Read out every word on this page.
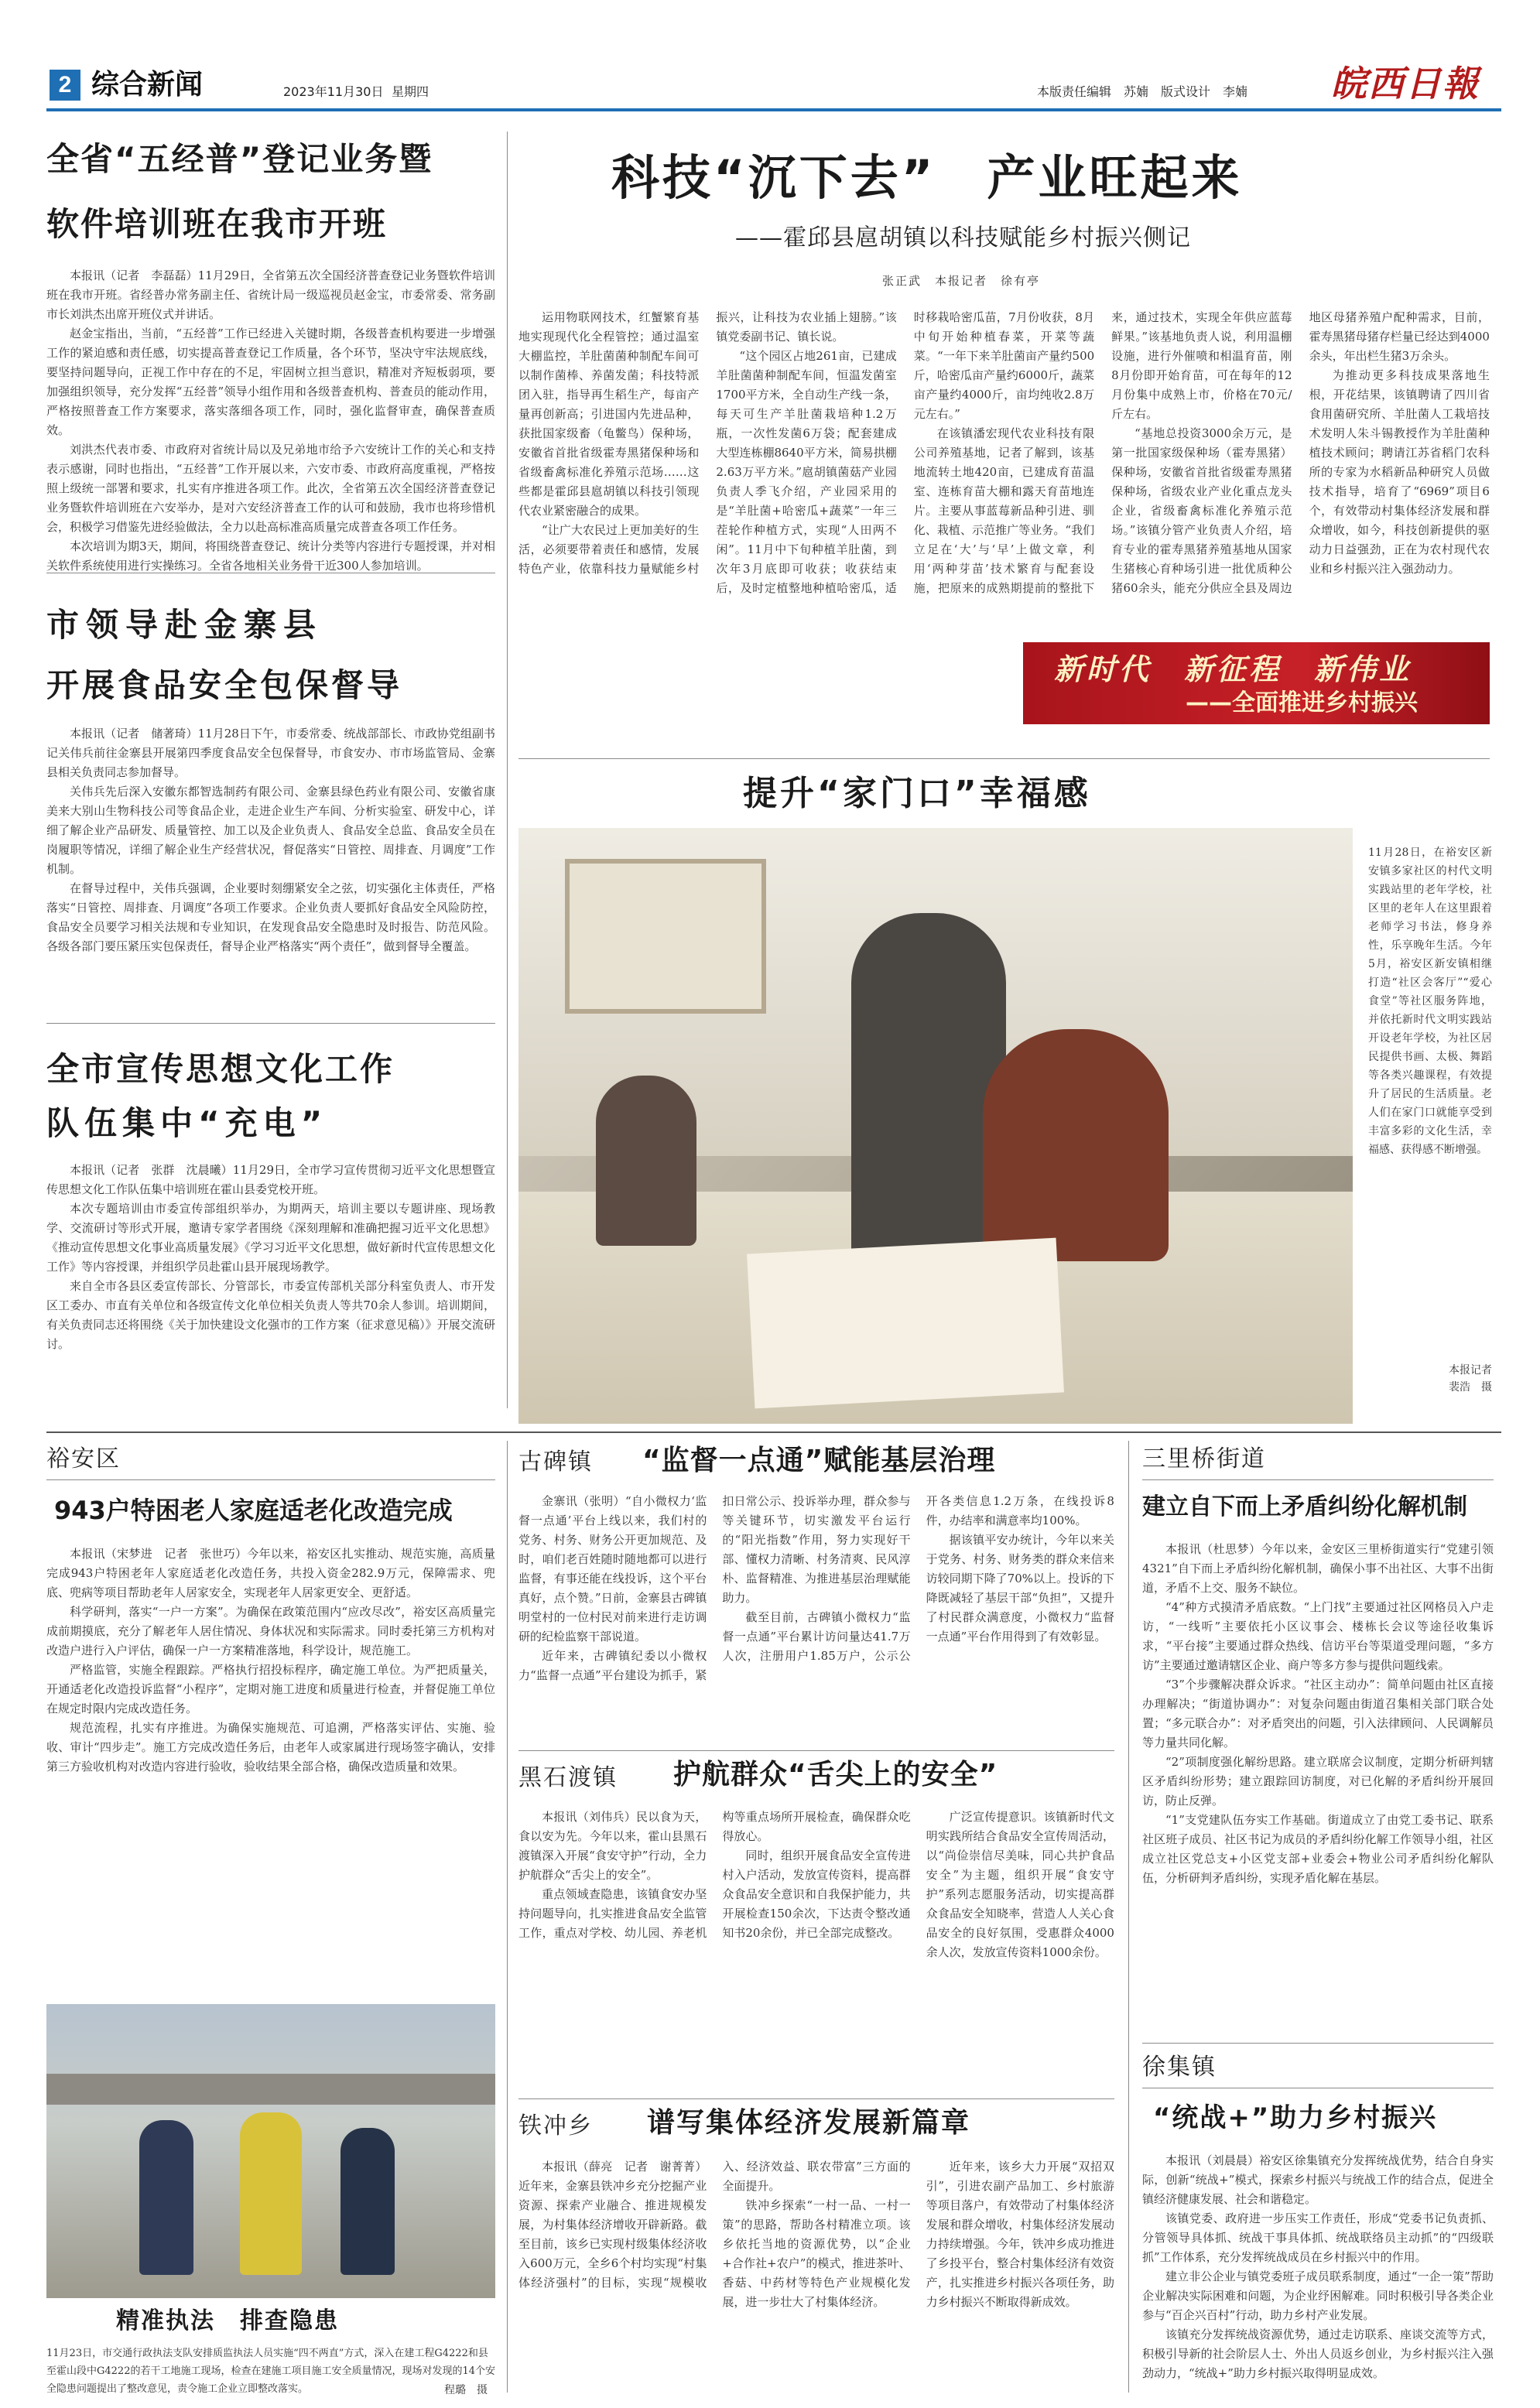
2 综合新闻	2023年11月30日 星期四	本版责任编辑　苏婻　版式设计　李婻 皖西日報
全省“五经普”登记业务暨
软件培训班在我市开班

本报讯（记者　李磊磊）11月29日，全省第五次全国经济普查登记业务暨软件培训班在我市开班。省经普办常务副主任、省统计局一级巡视员赵金宝，市委常委、常务副市长刘洪杰出席开班仪式并讲话。

赵金宝指出，当前，“五经普”工作已经进入关键时期，各级普查机构要进一步增强工作的紧迫感和责任感，切实提高普查登记工作质量，各个环节，坚决守牢法规底线，要坚持问题导向，正视工作中存在的不足，牢固树立担当意识，精准对齐短板弱项，要加强组织领导，充分发挥“五经普”领导小组作用和各级普查机构、普查员的能动作用，严格按照普查工作方案要求，落实落细各项工作，同时，强化监督审查，确保普查质效。

刘洪杰代表市委、市政府对省统计局以及兄弟地市给予六安统计工作的关心和支持表示感谢，同时也指出，“五经普”工作开展以来，六安市委、市政府高度重视，严格按照上级统一部署和要求，扎实有序推进各项工作。此次，全省第五次全国经济普查登记业务暨软件培训班在六安举办，是对六安经济普查工作的认可和鼓励，我市也将珍惜机会，积极学习借鉴先进经验做法，全力以赴高标准高质量完成普查各项工作任务。

本次培训为期3天，期间，将围绕普查登记、统计分类等内容进行专题授课，并对相关软件系统使用进行实操练习。全省各地相关业务骨干近300人参加培训。

市领导赴金寨县
开展食品安全包保督导

本报讯（记者　储著琦）11月28日下午，市委常委、统战部部长、市政协党组副书记关伟兵前往金寨县开展第四季度食品安全包保督导，市食安办、市市场监管局、金寨县相关负责同志参加督导。

关伟兵先后深入安徽东都智选制药有限公司、金寨县绿色药业有限公司、安徽省康美来大别山生物科技公司等食品企业，走进企业生产车间、分析实验室、研发中心，详细了解企业产品研发、质量管控、加工以及企业负责人、食品安全总监、食品安全员在岗履职等情况，详细了解企业生产经营状况，督促落实“日管控、周排查、月调度”工作机制。

在督导过程中，关伟兵强调，企业要时刻绷紧安全之弦，切实强化主体责任，严格落实“日管控、周排查、月调度”各项工作要求。企业负责人要抓好食品安全风险防控，食品安全员要学习相关法规和专业知识，在发现食品安全隐患时及时报告、防范风险。各级各部门要压紧压实包保责任，督导企业严格落实“两个责任”，做到督导全覆盖。

全市宣传思想文化工作
队伍集中“充电”

本报讯（记者　张群　沈晨曦）11月29日，全市学习宣传贯彻习近平文化思想暨宣传思想文化工作队伍集中培训班在霍山县委党校开班。

本次专题培训由市委宣传部组织举办，为期两天，培训主要以专题讲座、现场教学、交流研讨等形式开展，邀请专家学者围绕《深刻理解和准确把握习近平文化思想》《推动宣传思想文化事业高质量发展》《学习习近平文化思想，做好新时代宣传思想文化工作》等内容授课，并组织学员赴霍山县开展现场教学。

来自全市各县区委宣传部长、分管部长，市委宣传部机关部分科室负责人、市开发区工委办、市直有关单位和各级宣传文化单位相关负责人等共70余人参训。培训期间，有关负责同志还将围绕《关于加快建设文化强市的工作方案（征求意见稿）》开展交流研讨。

科技“沉下去”　产业旺起来
——霍邱县扈胡镇以科技赋能乡村振兴侧记
张正武　本报记者　徐有亭

运用物联网技术，红蟹繁育基地实现现代化全程管控；通过温室大棚监控，羊肚菌菌种制配车间可以制作菌棒、养菌发菌；科技特派团入驻，指导再生稻生产，每亩产量再创新高；引进国内先进品种，获批国家级畜（龟鳖鸟）保种场，安徽省首批省级霍寿黑猪保种场和省级畜禽标准化养殖示范场……这些都是霍邱县扈胡镇以科技引领现代农业紧密融合的成果。

“让广大农民过上更加美好的生活，必须要带着责任和感情，发展特色产业，依靠科技力量赋能乡村振兴，让科技为农业插上翅膀。”该镇党委副书记、镇长说。

“这个园区占地261亩，已建成羊肚菌菌种制配车间，恒温发菌室1700平方米，全自动生产线一条，每天可生产羊肚菌栽培种1.2万瓶，一次性发菌6万袋；配套建成大型连栋棚8640平方米，简易拱棚2.63万平方米。”扈胡镇菌菇产业园负责人季飞介绍，产业园采用的是“羊肚菌+哈密瓜+蔬菜”一年三茬轮作种植方式，实现“人田两不闲”。11月中下旬种植羊肚菌，到次年3月底即可收获；收获结束后，及时定植整地种植哈密瓜，适时移栽哈密瓜苗，7月份收获，8月中旬开始种植春菜，开菜等蔬菜。“一年下来羊肚菌亩产量约500斤，哈密瓜亩产量约6000斤，蔬菜亩产量约4000斤，亩均纯收2.8万元左右。”

在该镇潘宏现代农业科技有限公司养殖基地，记者了解到，该基地流转土地420亩，已建成育苗温室、连栋育苗大棚和露天育苗地连片。主要从事蓝莓新品种引进、驯化、栽植、示范推广等业务。“我们立足在‘大’与‘早’上做文章，利用‘两种芽苗’技术繁育与配套设施，把原来的成熟期提前的整批下来，通过技术，实现全年供应蓝莓鲜果。”该基地负责人说，利用温棚设施，进行外催喷和相温育苗，刚8月份即开始育苗，可在每年的12月份集中成熟上市，价格在70元/斤左右。

“基地总投资3000余万元，是第一批国家级保种场（霍寿黑猪）保种场，安徽省首批省级霍寿黑猪保种场，省级农业产业化重点龙头企业，省级畜禽标准化养殖示范场。”该镇分管产业负责人介绍，培育专业的霍寿黑猪养殖基地从国家生猪核心育种场引进一批优质种公猪60余头，能充分供应全县及周边地区母猪养殖户配种需求，目前，霍寿黑猪母猪存栏量已经达到4000余头，年出栏生猪3万余头。

为推动更多科技成果落地生根，开花结果，该镇聘请了四川省食用菌研究所、羊肚菌人工栽培技术发明人朱斗锡教授作为羊肚菌种植技术顾问；聘请江苏省稻门农科所的专家为水稻新品种研究人员做技术指导，培育了“6969”项目6个，有效带动村集体经济发展和群众增收，如今，科技创新提供的驱动力日益强劲，正在为农村现代农业和乡村振兴注入强劲动力。

新时代　新征程　新伟业
——全面推进乡村振兴
提升“家门口”幸福感
11月28日，在裕安区新安镇多家社区的村代文明实践站里的老年学校，社区里的老年人在这里跟着老师学习书法，修身养性，乐享晚年生活。今年5月，裕安区新安镇相继打造“社区会客厅”“爱心食堂”等社区服务阵地，并依托新时代文明实践站开设老年学校，为社区居民提供书画、太极、舞蹈等各类兴趣课程，有效提升了居民的生活质量。老人们在家门口就能享受到丰富多彩的文化生活，幸福感、获得感不断增强。
本报记者　
裴浩　摄
裕安区
943户特困老人家庭适老化改造完成

本报讯（宋梦进　记者　张世巧）今年以来，裕安区扎实推动、规范实施，高质量完成943户特困老年人家庭适老化改造任务，共投入资金282.9万元，保障需求、兜底、兜病等项目帮助老年人居家安全，实现老年人居家更安全、更舒适。

科学研判，落实“一户一方案”。为确保在政策范围内“应改尽改”，裕安区高质量完成前期摸底，充分了解老年人居住情况、身体状况和实际需求。同时委托第三方机构对改造户进行入户评估，确保一户一方案精准落地，科学设计，规范施工。

严格监管，实施全程跟踪。严格执行招投标程序，确定施工单位。为严把质量关，开通适老化改造投诉监督“小程序”，定期对施工进度和质量进行检查，并督促施工单位在规定时限内完成改造任务。

规范流程，扎实有序推进。为确保实施规范、可追溯，严格落实评估、实施、验收、审计“四步走”。施工方完成改造任务后，由老年人或家属进行现场签字确认，安排第三方验收机构对改造内容进行验收，验收结果全部合格，确保改造质量和效果。

精准执法　排查隐患
11月23日，市交通行政执法支队安排质监执法人员实施“四不两直”方式，深入在建工程G4222和县至霍山段中G4222的若干工地施工现场，检查在建施工项目施工安全质量情况，现场对发现的14个安全隐患问题提出了整改意见，责令施工企业立即整改落实。	程璐　摄
古碑镇 “监督一点通”赋能基层治理

金寨讯（张明）“自小微权力‘监督一点通’平台上线以来，我们村的党务、村务、财务公开更加规范、及时，咱们老百姓随时随地都可以进行监督，有事还能在线投诉，这个平台真好，点个赞。”日前，金寨县古碑镇明堂村的一位村民对前来进行走访调研的纪检监察干部说道。

近年来，古碑镇纪委以小微权力“监督一点通”平台建设为抓手，紧扣日常公示、投诉举办理，群众参与等关键环节，切实激发平台运行的“阳光指数”作用，努力实现好干部、懂权力清晰、村务清爽、民风淳朴、监督精准、为推进基层治理赋能助力。

截至目前，古碑镇小微权力“监督一点通”平台累计访问量达41.7万人次，注册用户1.85万户，公示公开各类信息1.2万条，在线投诉8件，办结率和满意率均100%。

据该镇平安办统计，今年以来关于党务、村务、财务类的群众来信来访较同期下降了70%以上。投诉的下降既减轻了基层干部“负担”，又提升了村民群众满意度，小微权力“监督一点通”平台作用得到了有效彰显。

黑石渡镇 护航群众“舌尖上的安全”

本报讯（刘伟兵）民以食为天，食以安为先。今年以来，霍山县黑石渡镇深入开展“食安守护”行动，全力护航群众“舌尖上的安全”。

重点领域查隐患，该镇食安办坚持问题导向，扎实推进食品安全监管工作，重点对学校、幼儿园、养老机构等重点场所开展检查，确保群众吃得放心。

同时，组织开展食品安全宣传进村入户活动，发放宣传资料，提高群众食品安全意识和自我保护能力，共开展检查150余次，下达责令整改通知书20余份，并已全部完成整改。

广泛宣传提意识。该镇新时代文明实践所结合食品安全宣传周活动，以“尚俭崇信尽美味，同心共护食品安全”为主题，组织开展“食安守护”系列志愿服务活动，切实提高群众食品安全知晓率，营造人人关心食品安全的良好氛围，受惠群众4000余人次，发放宣传资料1000余份。

铁冲乡 谱写集体经济发展新篇章

本报讯（薛亮　记者　谢菁菁）近年来，金寨县铁冲乡充分挖掘产业资源、探索产业融合、推进规模发展，为村集体经济增收开辟新路。截至目前，该乡已实现村级集体经济收入600万元，全乡6个村均实现“村集体经济强村”的目标，实现“规模收入、经济效益、联农带富”三方面的全面提升。

铁冲乡探索“一村一品、一村一策”的思路，帮助各村精准立项。该乡依托当地的资源优势，以“企业+合作社+农户”的模式，推进茶叶、香菇、中药材等特色产业规模化发展，进一步壮大了村集体经济。

近年来，该乡大力开展“双招双引”，引进农副产品加工、乡村旅游等项目落户，有效带动了村集体经济发展和群众增收，村集体经济发展动力持续增强。今年，铁冲乡成功推进了乡投平台，整合村集体经济有效资产，扎实推进乡村振兴各项任务，助力乡村振兴不断取得新成效。

三里桥街道
建立自下而上矛盾纠纷化解机制

本报讯（杜思梦）今年以来，金安区三里桥街道实行“党建引领4321”自下而上矛盾纠纷化解机制，确保小事不出社区、大事不出街道，矛盾不上交、服务不缺位。

“4”种方式摸清矛盾底数。“上门找”主要通过社区网格员入户走访，“一线听”主要依托小区议事会、楼栋长会议等途径收集诉求，“平台接”主要通过群众热线、信访平台等渠道受理问题，“多方访”主要通过邀请辖区企业、商户等多方参与提供问题线索。

“3”个步骤解决群众诉求。“社区主动办”：简单问题由社区直接办理解决；“街道协调办”：对复杂问题由街道召集相关部门联合处置；“多元联合办”：对矛盾突出的问题，引入法律顾问、人民调解员等力量共同化解。

“2”项制度强化解纷思路。建立联席会议制度，定期分析研判辖区矛盾纠纷形势；建立跟踪回访制度，对已化解的矛盾纠纷开展回访，防止反弹。

“1”支党建队伍夯实工作基础。街道成立了由党工委书记、联系社区班子成员、社区书记为成员的矛盾纠纷化解工作领导小组，社区成立社区党总支+小区党支部+业委会+物业公司矛盾纠纷化解队伍，分析研判矛盾纠纷，实现矛盾化解在基层。

徐集镇
“统战+”助力乡村振兴

本报讯（刘晨晨）裕安区徐集镇充分发挥统战优势，结合自身实际，创新“统战+”模式，探索乡村振兴与统战工作的结合点，促进全镇经济健康发展、社会和谐稳定。

该镇党委、政府进一步压实工作责任，形成“党委书记负责抓、分管领导具体抓、统战干事具体抓、统战联络员主动抓”的“四级联抓”工作体系，充分发挥统战成员在乡村振兴中的作用。

建立非公企业与镇党委班子成员联系制度，通过“一企一策”帮助企业解决实际困难和问题，为企业纾困解难。同时积极引导各类企业参与“百企兴百村”行动，助力乡村产业发展。

该镇充分发挥统战资源优势，通过走访联系、座谈交流等方式，积极引导新的社会阶层人士、外出人员返乡创业，为乡村振兴注入强劲动力，“统战+”助力乡村振兴取得明显成效。
